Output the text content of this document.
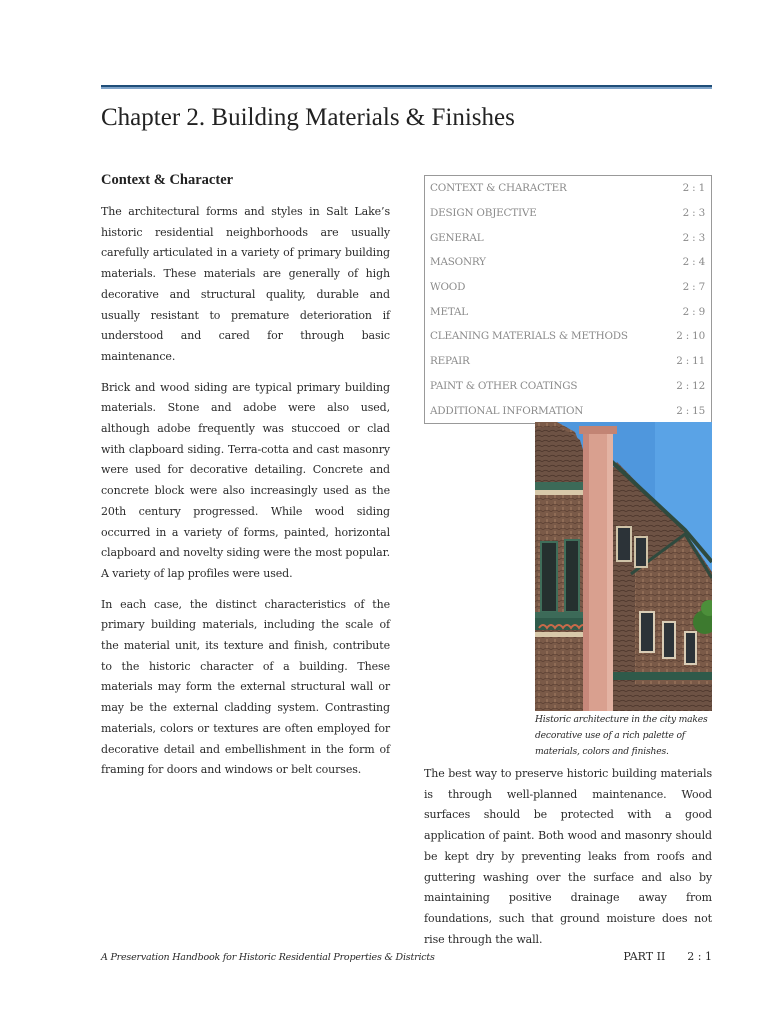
Chapter 2. Building Materials & Finishes
Context & Character

The architectural forms and styles in Salt Lake’s historic residential neighborhoods are usually carefully articulated in a variety of primary building materials. These materials are generally of high decorative and structural quality, durable and usually resistant to premature deterioration if understood and cared for through basic maintenance.

Brick and wood siding are typical primary building materials. Stone and adobe were also used, although adobe frequently was stuccoed or clad with clapboard siding. Terra-cotta and cast masonry were used for decorative detailing. Concrete and concrete block were also increasingly used as the 20th century progressed. While wood siding occurred in a variety of forms, painted, horizontal clapboard and novelty siding were the most popular. A variety of lap profiles were used.

In each case, the distinct characteristics of the primary building materials, including the scale of the material unit, its texture and finish, contribute to the historic character of a building. These materials may form the external structural wall or may be the external cladding system. Contrasting materials, colors or textures are often employed for decorative detail and embellishment in the form of framing for doors and windows or belt courses.

CONTEXT & CHARACTER	2 : 1
DESIGN OBJECTIVE	2 : 3
GENERAL	2 : 3
MASONRY	2 : 4
WOOD	2 : 7
METAL	2 : 9
CLEANING MATERIALS & METHODS	2 : 10
REPAIR	2 : 11
PAINT & OTHER COATINGS	2 : 12
ADDITIONAL INFORMATION	2 : 15
Historic architecture in the city makes decorative use of a rich palette of materials, colors and finishes.

The best way to preserve historic building materials is through well-planned maintenance. Wood surfaces should be protected with a good application of paint. Both wood and masonry should be kept dry by preventing leaks from roofs and guttering washing over the surface and also by maintaining positive drainage away from foundations, such that ground moisture does not rise through the wall.

A Preservation Handbook for Historic Residential Properties & Districts	PART II 2 : 1
